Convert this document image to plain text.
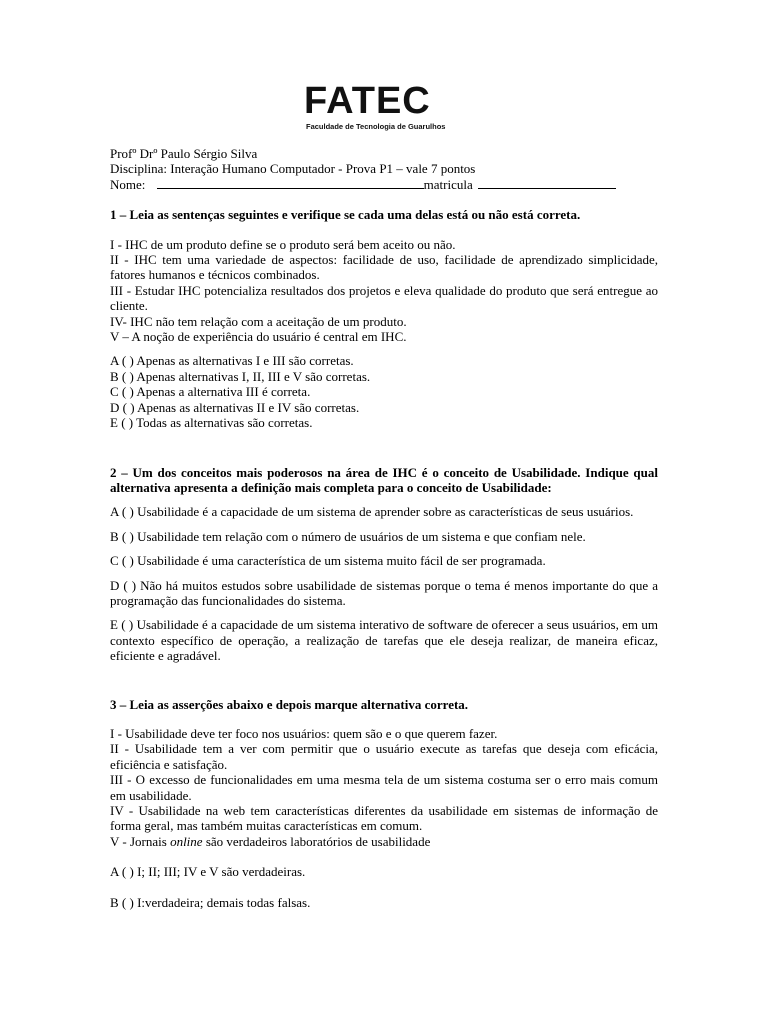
FATEC
Faculdade de Tecnologia de Guarulhos
Profº Drº Paulo Sérgio Silva
Disciplina: Interação Humano Computador - Prova P1 – vale 7 pontos
Nome:	matricula

1 – Leia as sentenças seguintes e verifique se cada uma delas está ou não está correta.

I - IHC de um produto define se o produto será bem aceito ou não.

II - IHC tem uma variedade de aspectos: facilidade de uso, facilidade de aprendizado simplicidade, fatores humanos e técnicos combinados.

III - Estudar IHC potencializa resultados dos projetos e eleva qualidade do produto que será entregue ao cliente.

IV- IHC não tem relação com a aceitação de um produto.

V – A noção de experiência do usuário é central em IHC.

A ( ) Apenas as alternativas I e III são corretas.

B ( ) Apenas alternativas I, II, III e V são corretas.

C ( ) Apenas a alternativa III é correta.

D ( ) Apenas as alternativas II e IV são corretas.

E ( ) Todas as alternativas são corretas.

2 – Um dos conceitos mais poderosos na área de IHC é o conceito de Usabilidade. Indique qual alternativa apresenta a definição mais completa para o conceito de Usabilidade:

A ( ) Usabilidade é a capacidade de um sistema de aprender sobre as características de seus usuários.

B ( ) Usabilidade tem relação com o número de usuários de um sistema e que confiam nele.

C ( ) Usabilidade é uma característica de um sistema muito fácil de ser programada.

D ( ) Não há muitos estudos sobre usabilidade de sistemas porque o tema é menos importante do que a programação das funcionalidades do sistema.

E ( ) Usabilidade é a capacidade de um sistema interativo de software de oferecer a seus usuários, em um contexto específico de operação, a realização de tarefas que ele deseja realizar, de maneira eficaz, eficiente e agradável.

3 – Leia as asserções abaixo e depois marque alternativa correta.

I - Usabilidade deve ter foco nos usuários: quem são e o que querem fazer.

II - Usabilidade tem a ver com permitir que o usuário execute as tarefas que deseja com eficácia, eficiência e satisfação.

III - O excesso de funcionalidades em uma mesma tela de um sistema costuma ser o erro mais comum em usabilidade.

IV - Usabilidade na web tem características diferentes da usabilidade em sistemas de informação de forma geral, mas também muitas características em comum.

V - Jornais online são verdadeiros laboratórios de usabilidade

A ( ) I; II; III; IV e V são verdadeiras.

B ( ) I:verdadeira; demais todas falsas.
